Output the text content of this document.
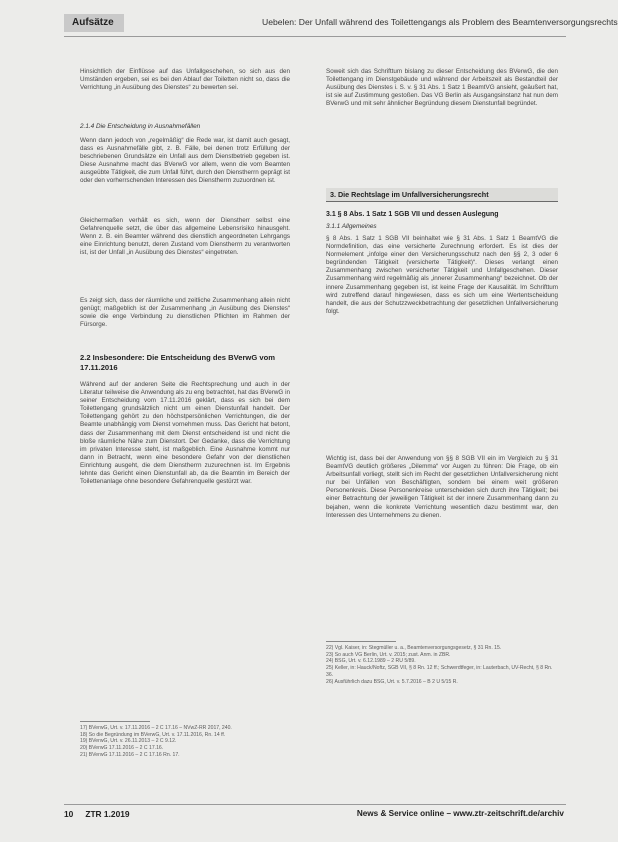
Aufsätze	Uebelen: Der Unfall während des Toilettengangs als Problem des Beamtenversorgungsrechts

Hinsichtlich der Einflüsse auf das Unfallgeschehen, so sich aus den Umständen ergeben, sei es bei den Ablauf der Toiletten nicht so, dass die Verrichtung „in Ausübung des Dienstes“ zu bewerten sei.

2.1.4 Die Entscheidung in Ausnahmefällen

Wenn dann jedoch von „regelmäßig“ die Rede war, ist damit auch gesagt, dass es Ausnahmefälle gibt, z. B. Fälle, bei denen trotz Erfüllung der beschriebenen Grundsätze ein Unfall aus dem Dienstbetrieb gegeben ist. Diese Ausnahme macht das BVerwG vor allem, wenn die vom Beamten ausgeübte Tätigkeit, die zum Unfall führt, durch den Dienstherrn geprägt ist oder den vorherrschenden Interessen des Dienstherrn zuzuordnen ist.

Gleichermaßen verhält es sich, wenn der Dienstherr selbst eine Gefahrenquelle setzt, die über das allgemeine Lebensrisiko hinausgeht. Wenn z. B. ein Beamter während des dienstlich angeordneten Lehrgangs eine Einrichtung benutzt, deren Zustand vom Dienstherrn zu verantworten ist, ist der Unfall „in Ausübung des Dienstes“ eingetreten.

Es zeigt sich, dass der räumliche und zeitliche Zusammenhang allein nicht genügt; maßgeblich ist der Zusammenhang „in Ausübung des Dienstes“ sowie die enge Verbindung zu dienstlichen Pflichten im Rahmen der Fürsorge.

2.2 Insbesondere: Die Entscheidung des BVerwG vom 17.11.2016

Während auf der anderen Seite die Rechtsprechung und auch in der Literatur teilweise die Anwendung als zu eng betrachtet, hat das BVerwG in seiner Entscheidung vom 17.11.2016 geklärt, dass es sich bei dem Toilettengang grundsätzlich nicht um einen Dienstunfall handelt. Der Toilettengang gehört zu den höchstpersönlichen Verrichtungen, die der Beamte unabhängig vom Dienst vornehmen muss. Das Gericht hat betont, dass der Zusammenhang mit dem Dienst entscheidend ist und nicht die bloße räumliche Nähe zum Dienstort. Der Gedanke, dass die Verrichtung im privaten Interesse steht, ist maßgeblich. Eine Ausnahme kommt nur dann in Betracht, wenn eine besondere Gefahr von der dienstlichen Einrichtung ausgeht, die dem Dienstherrn zuzurechnen ist. Im Ergebnis lehnte das Gericht einen Dienstunfall ab, da die Beamtin im Bereich der Toilettenanlage ohne besondere Gefahrenquelle gestürzt war.

17) BVerwG, Urt. v. 17.11.2016 – 2 C 17.16 – NVwZ-RR 2017, 240.

18) So die Begründung im BVerwG, Urt. v. 17.11.2016, Rn. 14 ff.

19) BVerwG, Urt. v. 26.11.2013 – 2 C 9.12.

20) BVerwG 17.11.2016 – 2 C 17.16.

21) BVerwG 17.11.2016 – 2 C 17.16 Rn. 17.

Soweit sich das Schrifttum bislang zu dieser Entscheidung des BVerwG, die den Toilettengang im Dienstgebäude und während der Arbeitszeit als Bestandteil der Ausübung des Dienstes i. S. v. § 31 Abs. 1 Satz 1 BeamtVG ansieht, geäußert hat, ist sie auf Zustimmung gestoßen. Das VG Berlin als Ausgangsinstanz hat nun dem BVerwG und mit sehr ähnlicher Begründung diesem Dienstunfall begründet.

3. Die Rechtslage im Unfallversicherungsrecht

3.1 § 8 Abs. 1 Satz 1 SGB VII und dessen Auslegung

3.1.1 Allgemeines

§ 8 Abs. 1 Satz 1 SGB VII beinhaltet wie § 31 Abs. 1 Satz 1 BeamtVG die Normdefinition, das eine versicherte Zurechnung erfordert. Es ist dies der Normelement „infolge einer den Versicherungsschutz nach den §§ 2, 3 oder 6 begründenden Tätigkeit (versicherte Tätigkeit)“. Dieses verlangt einen Zusammenhang zwischen versicherter Tätigkeit und Unfallgeschehen. Dieser Zusammenhang wird regelmäßig als „innerer Zusammenhang“ bezeichnet. Ob der innere Zusammenhang gegeben ist, ist keine Frage der Kausalität. Im Schrifttum wird zutreffend darauf hingewiesen, dass es sich um eine Wertentscheidung handelt, die aus der Schutzzweckbetrachtung der gesetzlichen Unfallversicherung folgt.

Wichtig ist, dass bei der Anwendung von §§ 8 SGB VII ein im Vergleich zu § 31 BeamtVG deutlich größeres „Dilemma“ vor Augen zu führen: Die Frage, ob ein Arbeitsunfall vorliegt, stellt sich im Recht der gesetzlichen Unfallversicherung nicht nur bei Unfällen von Beschäftigten, sondern bei einem weit größeren Personenkreis. Diese Personenkreise unterscheiden sich durch ihre Tätigkeit; bei einer Betrachtung der jeweiligen Tätigkeit ist der innere Zusammenhang dann zu bejahen, wenn die konkrete Verrichtung wesentlich dazu bestimmt war, den Interessen des Unternehmens zu dienen.

22) Vgl. Kaiser, in: Stegmüller u. a., Beamtenversorgungsgesetz, § 31 Rn. 15.

23) So auch VG Berlin, Urt. v. 2015; zust. Anm. in ZBR.

24) BSG, Urt. v. 6.12.1989 – 2 RU 5/89.

25) Keller, in: Hauck/Noftz, SGB VII, § 8 Rn. 12 ff.; Schwerdtfeger, in: Lauterbach, UV-Recht, § 8 Rn. 36.

26) Ausführlich dazu BSG, Urt. v. 5.7.2016 – B 2 U 5/15 R.

10 ZTR 1.2019	News & Service online – www.ztr-zeitschrift.de/archiv
